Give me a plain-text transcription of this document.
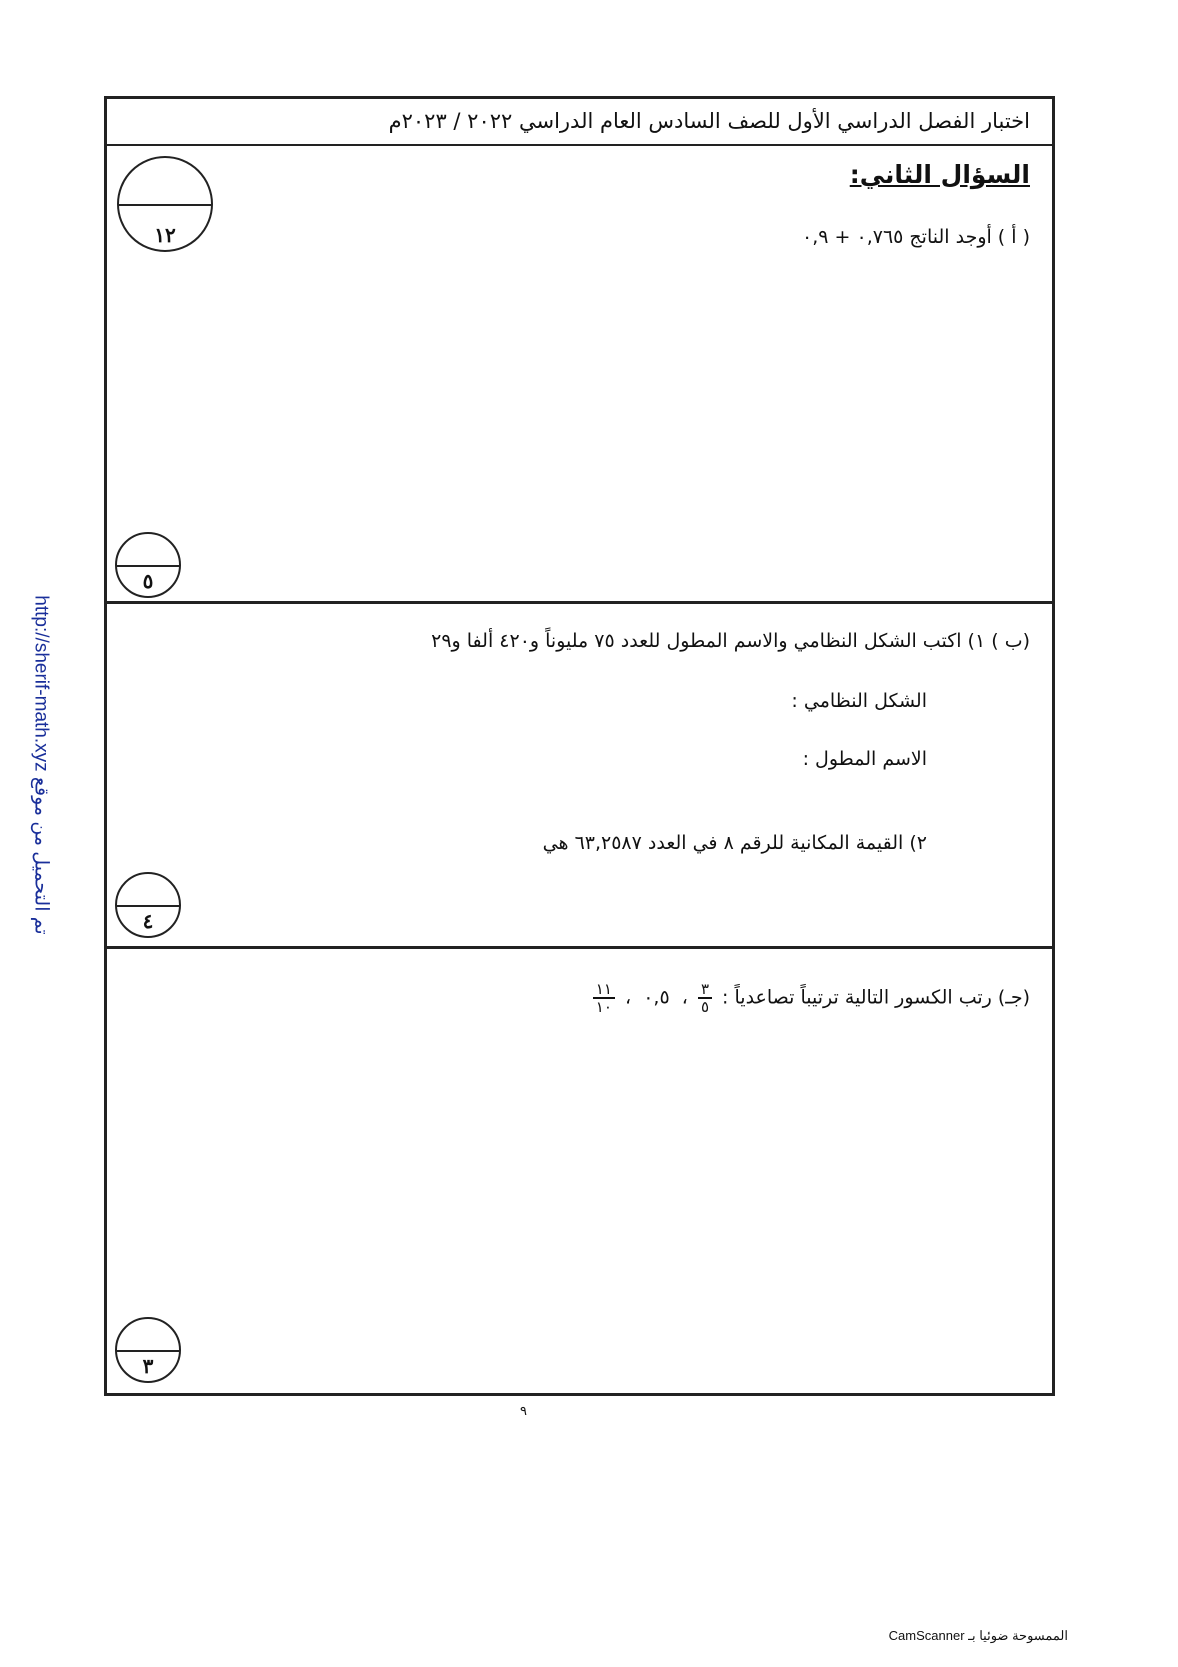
اختبار الفصل الدراسي الأول للصف السادس العام الدراسي ٢٠٢٢ / ٢٠٢٣م
١٢
السؤال الثاني:
( أ ) أوجد الناتج ٠,٧٦٥ + ٠,٩
٥
(ب ) ١) اكتب الشكل النظامي والاسم المطول للعدد ٧٥ مليوناً و٤٢٠ ألفا و٢٩
الشكل النظامي :
الاسم المطول :
٢) القيمة المكانية للرقم ٨ في العدد ٦٣,٢٥٨٧ هي
٤
(جـ) رتب الكسور التالية ترتيباً تصاعدياً :
$\frac{٣}{٥}$
،  ٠,٥  ،
$\frac{١١}{١٠}$
٣
٩
تم التحميل من موقع http://sherif-math.xyz
الممسوحة ضوئيا بـ CamScanner
